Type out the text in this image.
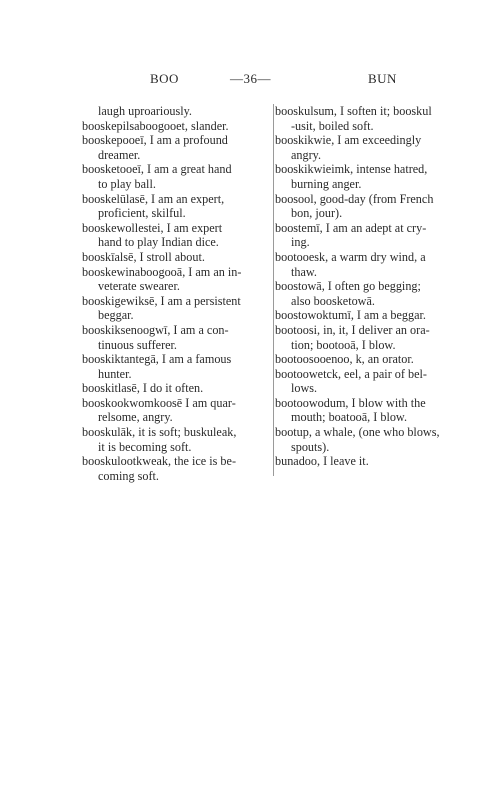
BOO	—36—	BUN
laugh uproariously.
booskepilsaboogooet, slander.
booskepooeī, I am a profound
dreamer.
boosketooeī, I am a great hand
to play ball.
booskelūlasē, I am an expert,
proficient, skilful.
booskewollestei, I am expert
hand to play Indian dice.
booskīalsē, I stroll about.
booskewinaboogooā, I am an in-
veterate swearer.
booskigewiksē, I am a persistent
beggar.
booskiksenoogwī, I am a con-
tinuous sufferer.
booskiktantegā, I am a famous
hunter.
booskitlasē, I do it often.
booskookwomkoosē I am quar-
relsome, angry.
booskulāk, it is soft; buskuleak,
it is becoming soft.
booskulootkweak, the ice is be-
coming soft.
booskulsum, I soften it; booskul
-usit, boiled soft.
booskikwie, I am exceedingly
angry.
booskikwieimk, intense hatred,
burning anger.
boosool, good-day (from French
bon, jour).
boostemī, I am an adept at cry-
ing.
bootooesk, a warm dry wind, a
thaw.
boostowā, I often go begging;
also boosketowā.
boostowoktumī, I am a beggar.
bootoosi, in, it, I deliver an ora-
tion; bootooā, I blow.
bootoosooenoo, k, an orator.
bootoowetck, eel, a pair of bel-
lows.
bootoowodum, I blow with the
mouth; boatooā, I blow.
bootup, a whale, (one who blows,
spouts).
bunadoo, I leave it.
